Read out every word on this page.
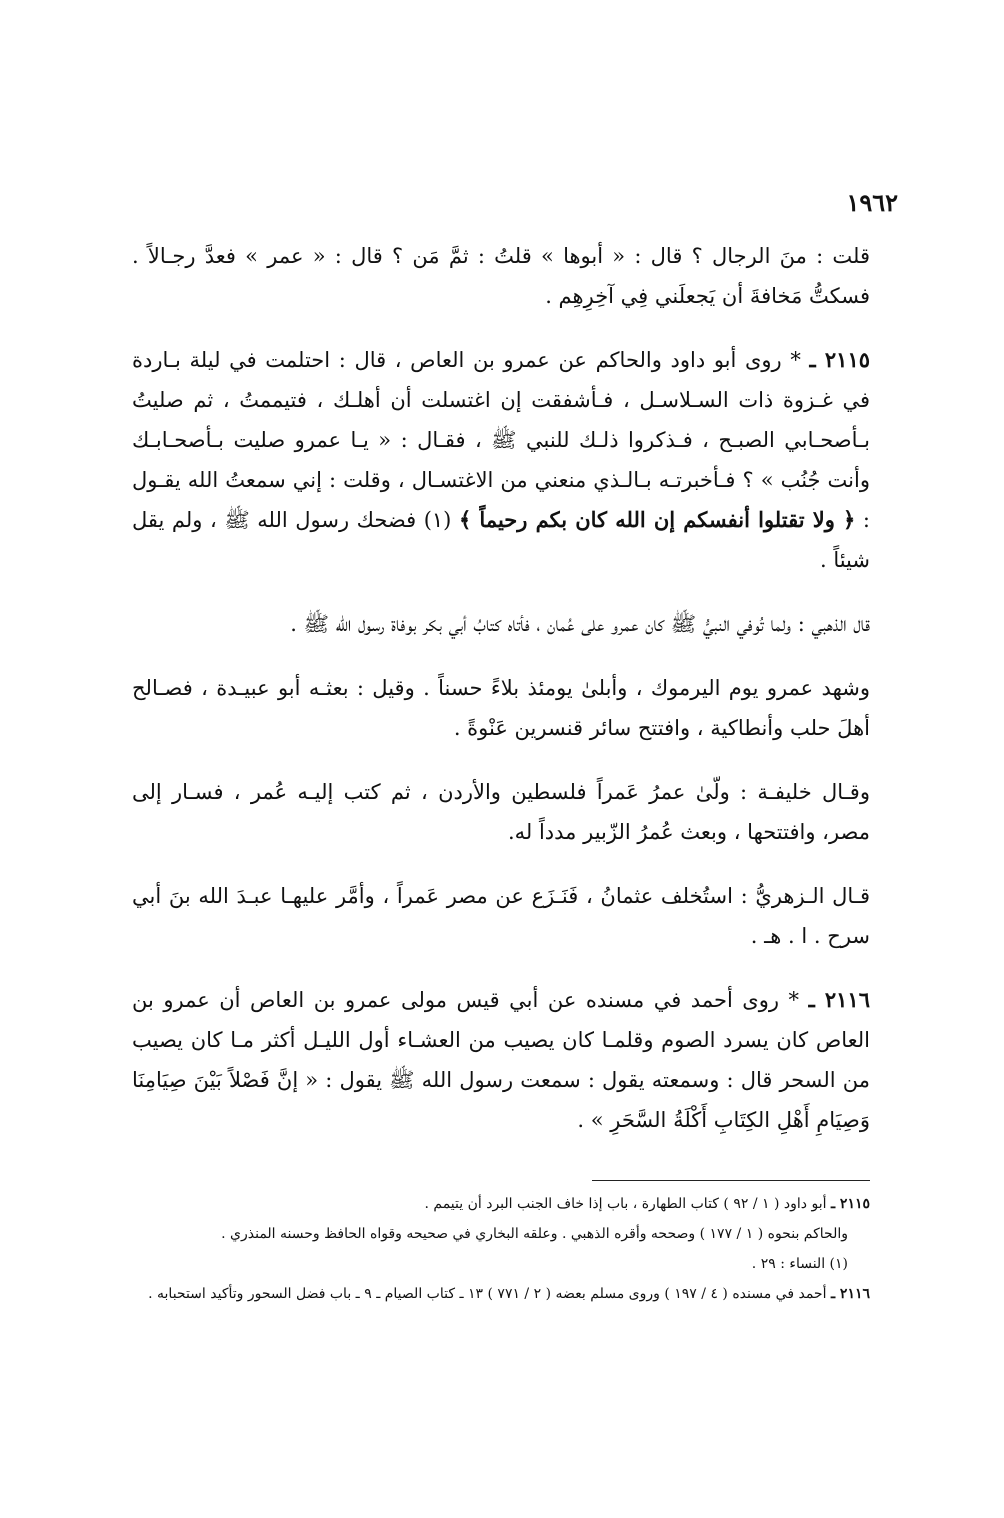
١٩٦٢

قلت : منَ الرجال ؟ قال : « أبوها » قلتُ : ثمَّ مَن ؟ قال : « عمر » فعدَّ رجـالاً . فسكتُّ مَخافةَ أن يَجعلَني فِي آخِرِهِم .

٢١١٥ ـ * روى أبو داود والحاكم عن عمرو بن العاص ، قال : احتلمت في ليلة بـاردة في غـزوة ذات السـلاسـل ، فـأشفقت إن اغتسلت أن أهلـك ، فتيممتُ ، ثم صليتُ بـأصحـابي الصبـح ، فـذكروا ذلـك للنبي ﷺ ، فقـال : « يـا عمرو صليت بـأصحـابـك وأنت جُنُب » ؟ فـأخبرتـه بـالـذي منعني من الاغتسـال ، وقلت : إني سمعتُ الله يقـول : ﴿ ولا تقتلوا أنفسكم إن الله كان بكم رحيماً ﴾ (١) فضحك رسول الله ﷺ ، ولم يقل شيئاً .

قال الذهبي : ولما تُوفي النبيُّ ﷺ كان عمرو على عُمان ، فأتاه كتابُ أبي بكر بوفاة رسول الله ﷺ .

وشهد عمرو يوم اليرموك ، وأبلىٰ يومئذ بلاءً حسناً . وقيل : بعثـه أبو عبيـدة ، فصـالح أهلَ حلب وأنطاكية ، وافتتح سائر قنسرين عَنْوةً .

وقـال خليفـة : ولّىٰ عمرُ عَمراً فلسطين والأردن ، ثم كتب إليـه عُمر ، فسـار إلى مصر، وافتتحها ، وبعث عُمرُ الزّبير مدداً له.

قـال الـزهريُّ : استُخلف عثمانُ ، فَنَـزَع عن مصر عَمراً ، وأمَّر عليهـا عبـدَ الله بنَ أبي سرح . ا . هـ .

٢١١٦ ـ * روى أحمد في مسنده عن أبي قيس مولى عمرو بن العاص أن عمرو بن العاص كان يسرد الصوم وقلمـا كان يصيب من العشـاء أول الليـل أكثر مـا كان يصيب من السحر قال : وسمعته يقول : سمعت رسول الله ﷺ يقول : « إنَّ فَصْلاً بَيْنَ صِيَامِنَا وَصِيَامِ أَهْلِ الكِتَابِ أَكْلَةُ السَّحَرِ » .

٢١١٥ ـ أبو داود ( ١ / ٩٢ ) كتاب الطهارة ، باب إذا خاف الجنب البرد أن يتيمم .

والحاكم بنحوه ( ١ / ١٧٧ ) وصححه وأقره الذهبي . وعلقه البخاري في صحيحه وقواه الحافظ وحسنه المنذري .

(١) النساء : ٢٩ .

٢١١٦ ـ أحمد في مسنده ( ٤ / ١٩٧ ) وروى مسلم بعضه ( ٢ / ٧٧١ ) ١٣ ـ كتاب الصيام ـ ٩ ـ باب فضل السحور وتأكيد استحبابه .
